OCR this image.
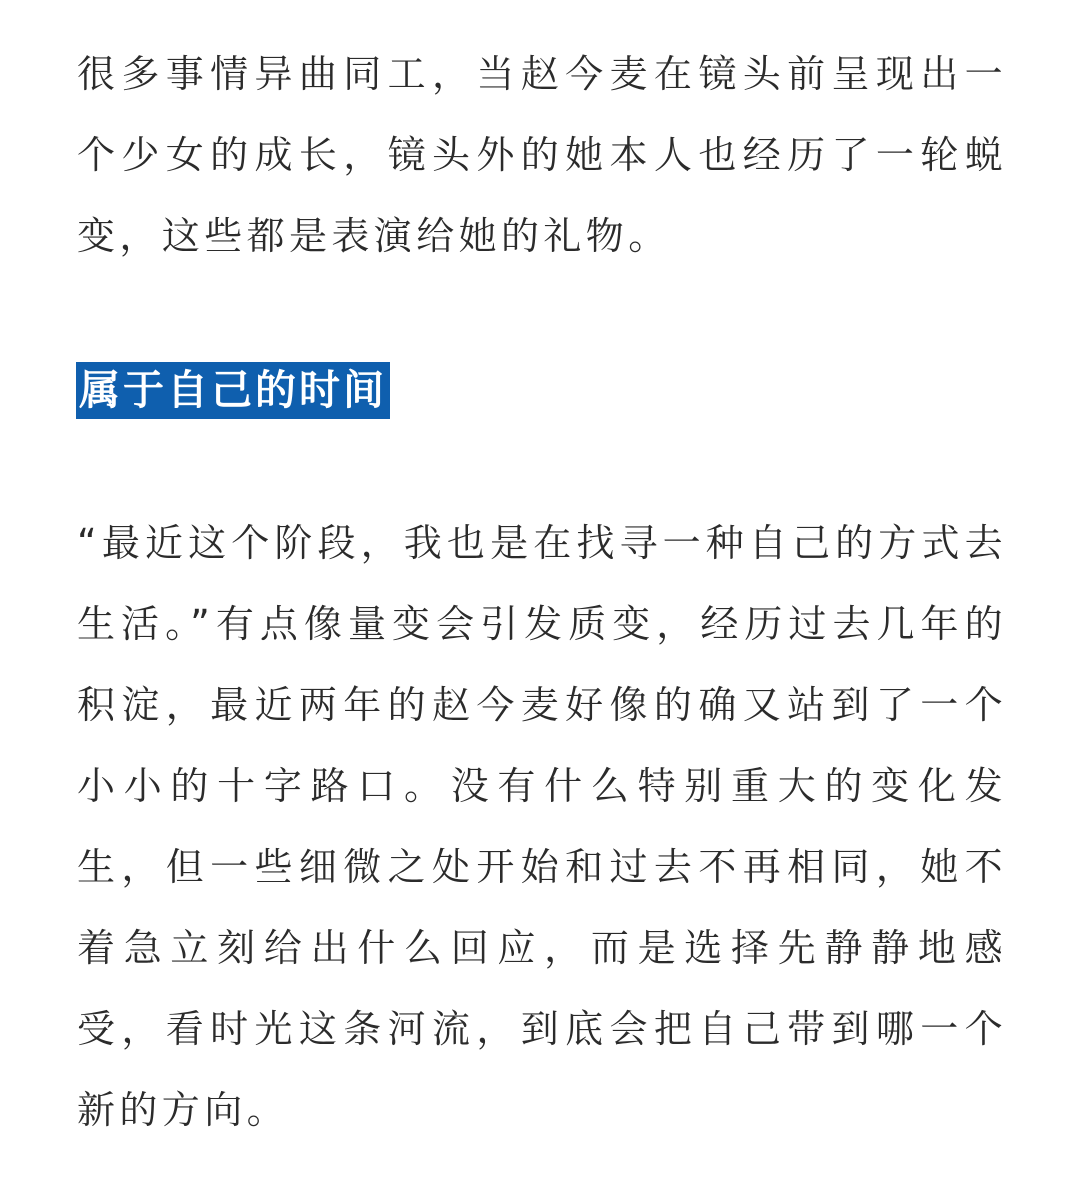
很多事情异曲同工，当赵今麦在镜头前呈现出一个少女的成长，镜头外的她本人也经历了一轮蜕变，这些都是表演给她的礼物。

属于自己的时间

“最近这个阶段，我也是在找寻一种自己的方式去生活。”有点像量变会引发质变，经历过去几年的积淀，最近两年的赵今麦好像的确又站到了一个小小的十字路口。没有什么特别重大的变化发生，但一些细微之处开始和过去不再相同，她不着急立刻给出什么回应，而是选择先静静地感受，看时光这条河流，到底会把自己带到哪一个新的方向。
